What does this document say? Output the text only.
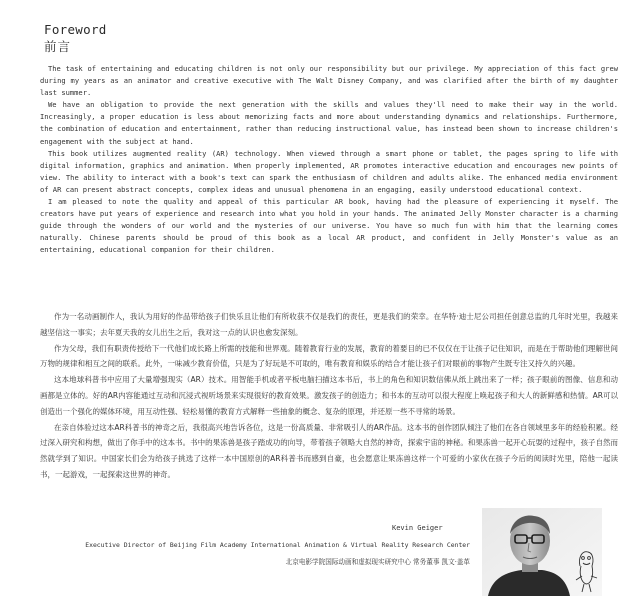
Foreword
前言

The task of entertaining and educating children is not only our responsibility but our privilege. My appreciation of this fact grew during my years as an animator and creative executive with The Walt Disney Company, and was clarified after the birth of my daughter last summer.

We have an obligation to provide the next generation with the skills and values they'll need to make their way in the world. Increasingly, a proper education is less about memorizing facts and more about understanding dynamics and relationships. Furthermore, the combination of education and entertainment, rather than reducing instructional value, has instead been shown to increase children's engagement with the subject at hand.

This book utilizes augmented reality (AR) technology. When viewed through a smart phone or tablet, the pages spring to life with digital information, graphics and animation. When properly implemented, AR promotes interactive education and encourages new points of view. The ability to interact with a book's text can spark the enthusiasm of children and adults alike. The enhanced media environment of AR can present abstract concepts, complex ideas and unusual phenomena in an engaging, easily understood educational context.

I am pleased to note the quality and appeal of this particular AR book, having had the pleasure of experiencing it myself. The creators have put years of experience and research into what you hold in your hands. The animated Jelly Monster character is a charming guide through the wonders of our world and the mysteries of our universe. You have so much fun with him that the learning comes naturally. Chinese parents should be proud of this book as a local AR product, and confident in Jelly Monster's value as an entertaining, educational companion for their children.

作为一名动画制作人，我认为用好的作品带给孩子们快乐且让他们有所收获不仅是我们的责任，更是我们的荣幸。在华特·迪士尼公司担任创意总监的几年时光里，我越来越坚信这一事实；去年夏天我的女儿出生之后，我对这一点的认识也愈发深刻。

作为父母，我们有职责传授给下一代他们成长路上所需的技能和世界观。随着教育行业的发展，教育的着要目的已不仅仅在于让孩子记住知识，而是在于帮助他们理解世间万物的规律和相互之间的联系。此外，一味减少教育价值，只是为了好玩是不可取的，唯有教育和娱乐的结合才能让孩子们对眼前的事物产生既专注又持久的兴趣。

这本地球科普书中应用了大量增强现实（AR）技术。用智能手机或者平板电脑扫描这本书后，书上的角色和知识数信佛从纸上跳出来了一样；孩子眼前的图像、信息和动画都是立体的。好的AR内容能通过互动和沉浸式视听场景来实现很好的教育效果。激发孩子的创造力；和书本的互动可以很大程度上唤起孩子和大人的新鲜感和热情。AR可以创造出一个强化的媒体环境，用互动性强、轻松易懂的教育方式解释一些抽象的概念、复杂的原理，并还原一些不寻常的场景。

在亲自体验过这本AR科普书的神奇之后，我很高兴地告诉各位，这是一份高质量、非常吸引人的AR作品。这本书的创作团队倾注了他们在各自领域里多年的经验积累。经过深入研究和构想，做出了你手中的这本书。书中的果冻兽是孩子踏成功的向导，带着孩子领略大自然的神奇，探索宇宙的神秘。和果冻兽一起开心玩耍的过程中，孩子自然而然就学到了知识。中国家长们会为给孩子挑选了这样一本中国原创的AR科普书而感到自豪，也会愿意让果冻兽这样一个可爱的小家伙在孩子今后的阅读时光里，陪他一起读书，一起游戏，一起探索这世界的神奇。

Kevin Geiger
Executive Director of Beijing Film Academy International Animation & Virtual Reality Research Center
北京电影学院国际动画和虚拟现实研究中心 常务董事 凯文·盖革
